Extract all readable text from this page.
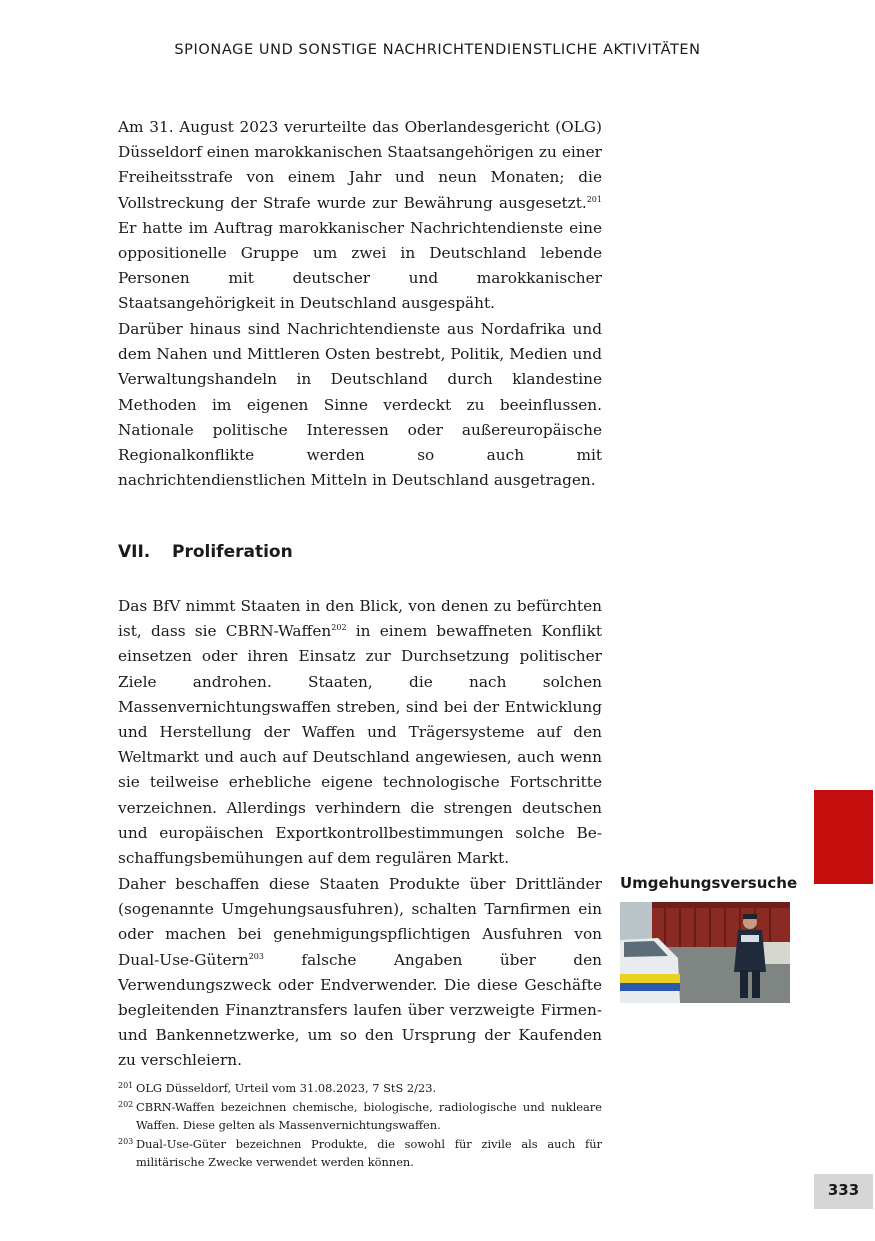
SPIONAGE UND SONSTIGE NACHRICHTENDIENSTLICHE AKTIVITÄTEN

Am 31. August 2023 verurteilte das Oberlandesgericht (OLG) Düsseldorf einen marokkanischen Staatsangehörigen zu einer Freiheitsstrafe von einem Jahr und neun Monaten; die Vollstreckung der Strafe wurde zur Bewährung ausgesetzt.$^{201}$ Er hatte im Auftrag marokkanischer Nachrichtendienste eine oppositionelle Gruppe um zwei in Deutschland lebende Personen mit deutscher und marokkanischer Staatsangehörigkeit in Deutschland ausgespäht.

Darüber hinaus sind Nachrichtendienste aus Nordafrika und dem Nahen und Mittleren Osten bestrebt, Politik, Medien und Verwaltungshandeln in Deutschland durch klandestine Methoden im eigenen Sinne verdeckt zu beeinflussen. Nationale politische Interessen oder außereuropäische Regionalkonflikte werden so auch mit nachrichtendienstlichen Mitteln in Deutschland ausgetragen.

VII. Proliferation

Das BfV nimmt Staaten in den Blick, von denen zu befürchten ist, dass sie CBRN-Waffen$^{202}$ in einem bewaffneten Konflikt einsetzen oder ihren Einsatz zur Durchsetzung politischer Ziele androhen. Staaten, die nach solchen Massenvernichtungswaffen streben, sind bei der Entwicklung und Herstellung der Waffen und Trägersysteme auf den Weltmarkt und auch auf Deutschland angewiesen, auch wenn sie teilweise erhebliche eigene technologische Fortschritte verzeichnen. Allerdings verhindern die strengen deutschen und europäischen Exportkontrollbestimmungen solche Beschaffungsbemühungen auf dem regulären Markt.

Daher beschaffen diese Staaten Produkte über Drittländer (sogenannte Umgehungsausfuhren), schalten Tarnfirmen ein oder machen bei genehmigungspflichtigen Ausfuhren von Dual-Use-Gütern$^{203}$ falsche Angaben über den Verwendungszweck oder Endverwender. Die diese Geschäfte begleitenden Finanztransfers laufen über verzweigte Firmen- und Bankennetzwerke, um so den Ursprung der Kaufenden zu verschleiern.

Umgehungsversuche
201 OLG Düsseldorf, Urteil vom 31.08.2023, 7 StS 2/23.
202 CBRN-Waffen bezeichnen chemische, biologische, radiologische und nukleare Waffen. Diese gelten als Massenvernichtungswaffen.
203 Dual-Use-Güter bezeichnen Produkte, die sowohl für zivile als auch für militärische Zwecke verwendet werden können.
333
